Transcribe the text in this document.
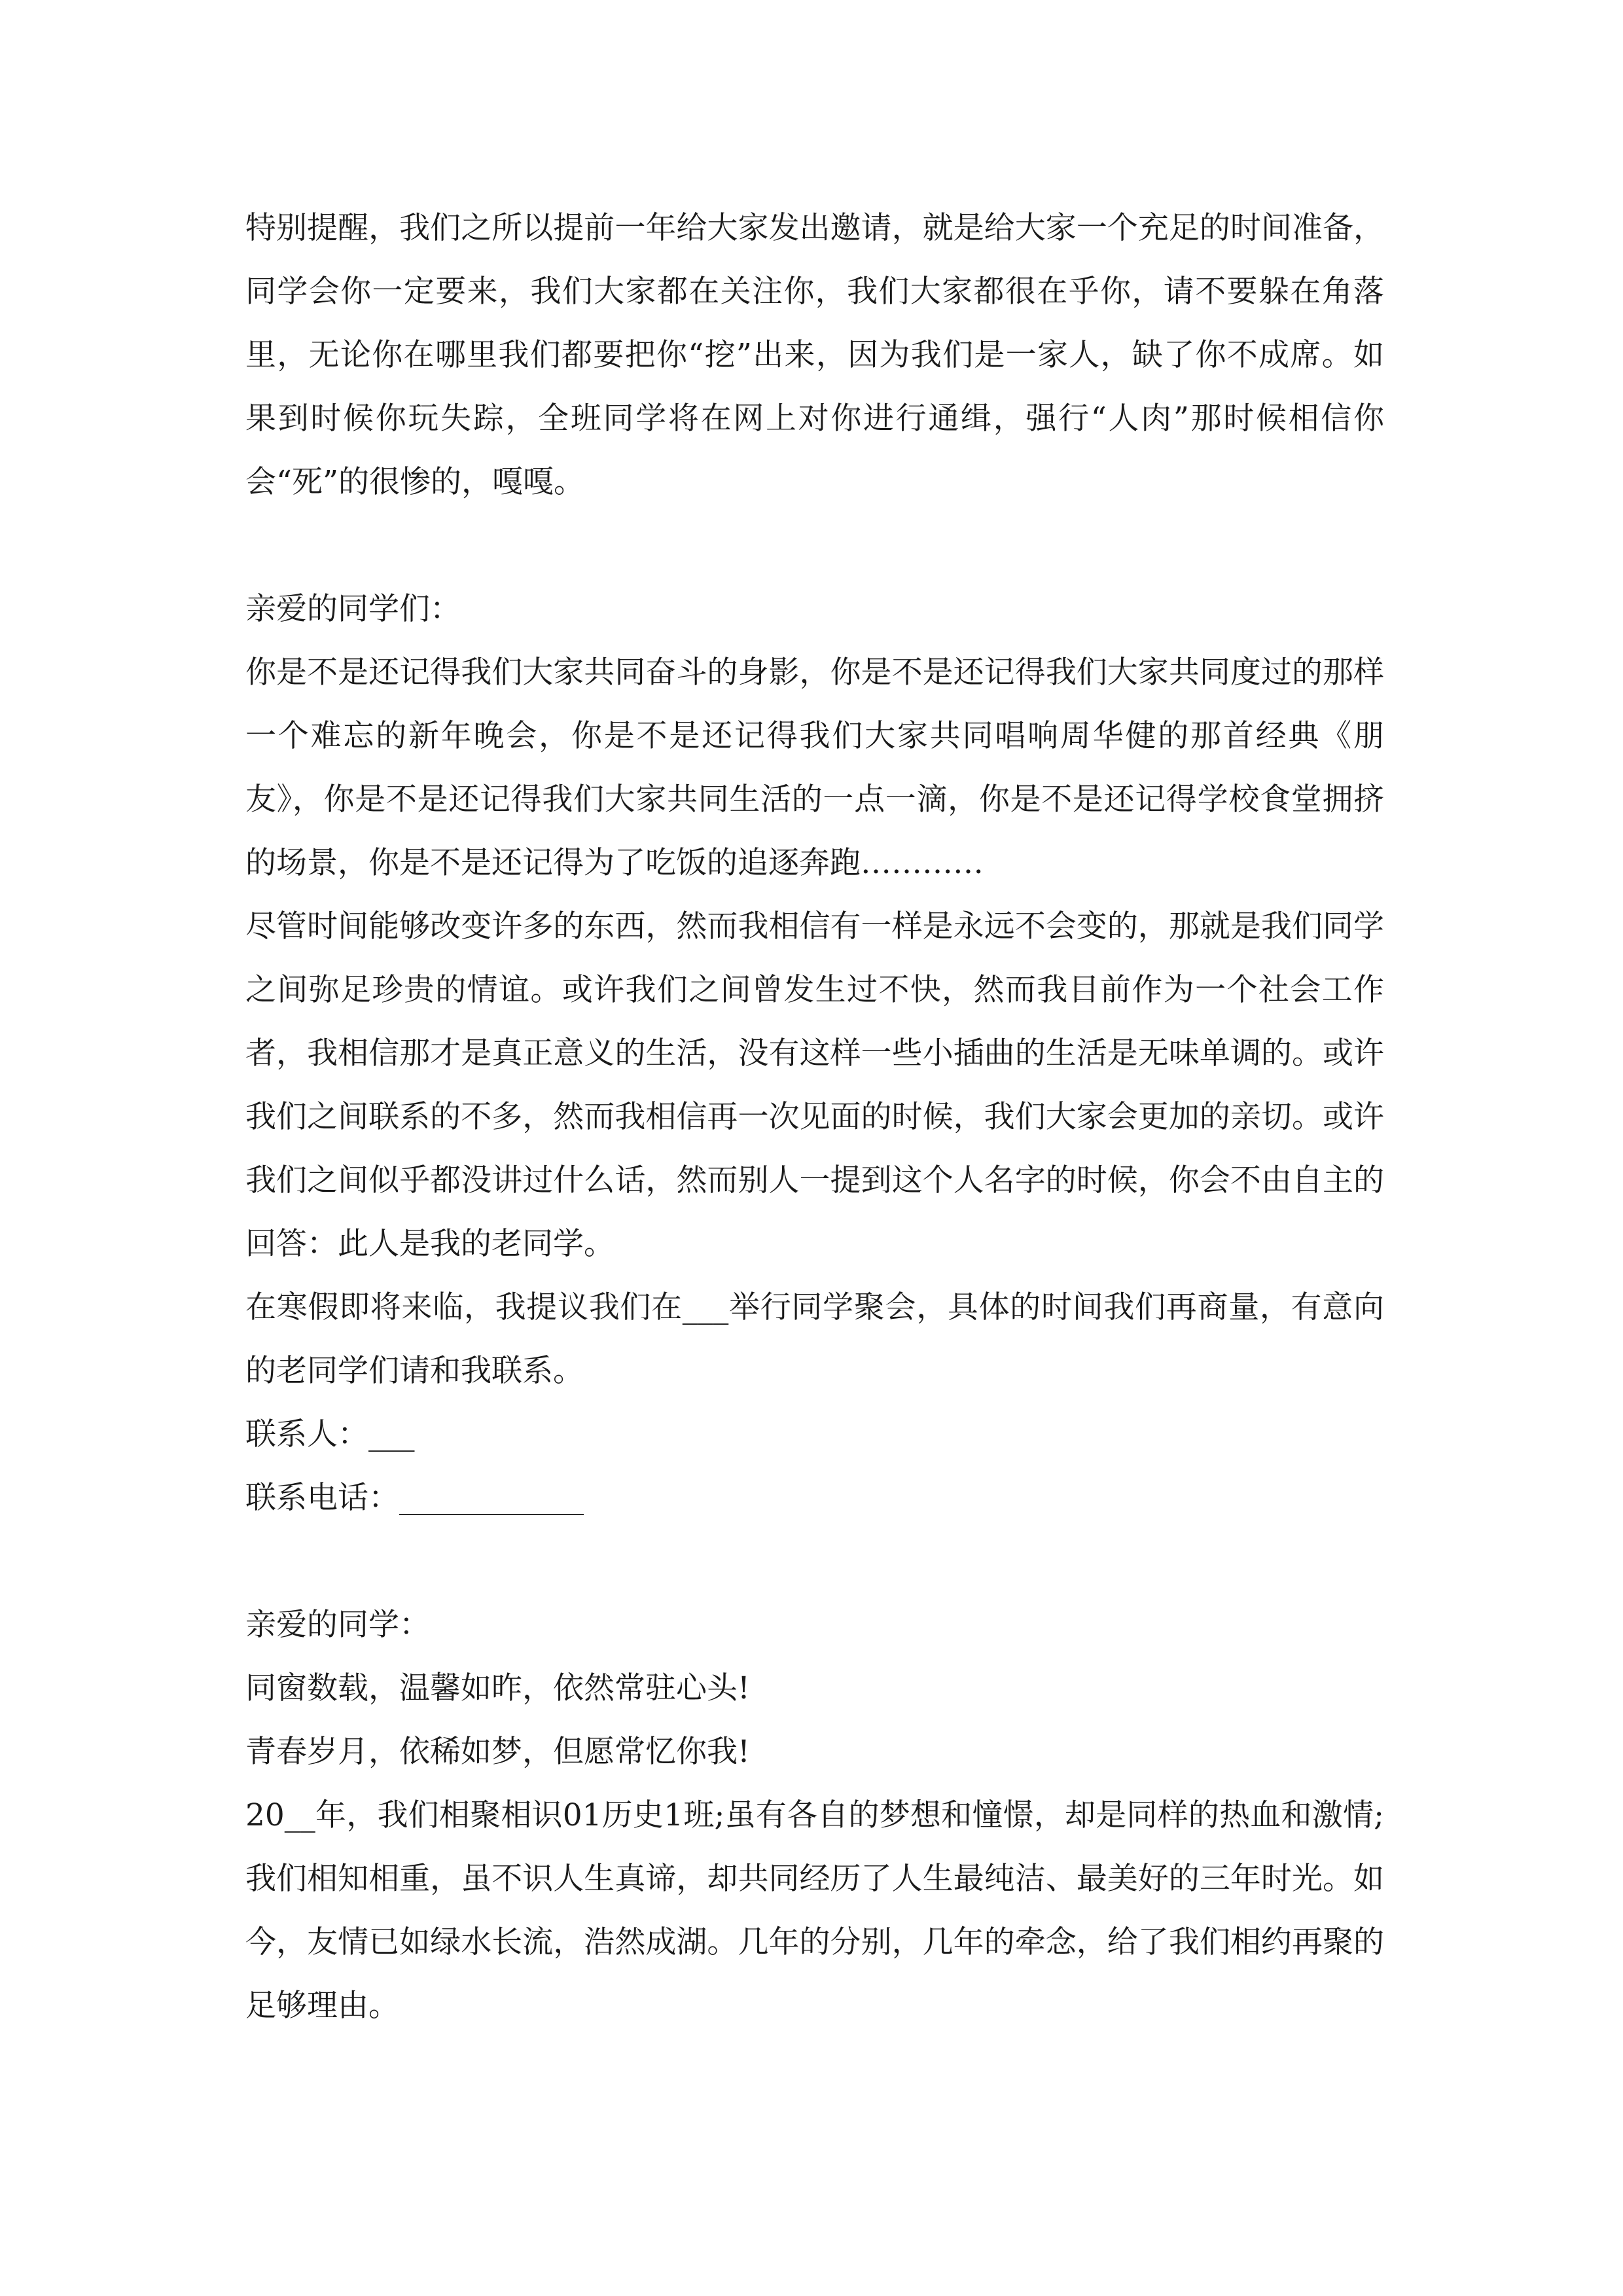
特别提醒，我们之所以提前一年给大家发出邀请，就是给大家一个充足的时间准备，同学会你一定要来，我们大家都在关注你，我们大家都很在乎你，请不要躲在角落里，无论你在哪里我们都要把你“挖”出来，因为我们是一家人，缺了你不成席。如果到时候你玩失踪，全班同学将在网上对你进行通缉，强行“人肉”那时候相信你会“死”的很惨的，嘎嘎。

亲爱的同学们：

你是不是还记得我们大家共同奋斗的身影，你是不是还记得我们大家共同度过的那样一个难忘的新年晚会，你是不是还记得我们大家共同唱响周华健的那首经典《朋友》，你是不是还记得我们大家共同生活的一点一滴，你是不是还记得学校食堂拥挤的场景，你是不是还记得为了吃饭的追逐奔跑…………

尽管时间能够改变许多的东西，然而我相信有一样是永远不会变的，那就是我们同学之间弥足珍贵的情谊。或许我们之间曾发生过不快，然而我目前作为一个社会工作者，我相信那才是真正意义的生活，没有这样一些小插曲的生活是无味单调的。或许我们之间联系的不多，然而我相信再一次见面的时候，我们大家会更加的亲切。或许我们之间似乎都没讲过什么话，然而别人一提到这个人名字的时候，你会不由自主的回答：此人是我的老同学。

在寒假即将来临，我提议我们在___举行同学聚会，具体的时间我们再商量，有意向的老同学们请和我联系。

联系人：___

联系电话：____________

亲爱的同学：

同窗数载，温馨如昨，依然常驻心头!

青春岁月，依稀如梦，但愿常忆你我!

20__年，我们相聚相识01历史1班;虽有各自的梦想和憧憬，却是同样的热血和激情;我们相知相重，虽不识人生真谛，却共同经历了人生最纯洁、最美好的三年时光。如今，友情已如绿水长流，浩然成湖。几年的分别，几年的牵念，给了我们相约再聚的足够理由。
